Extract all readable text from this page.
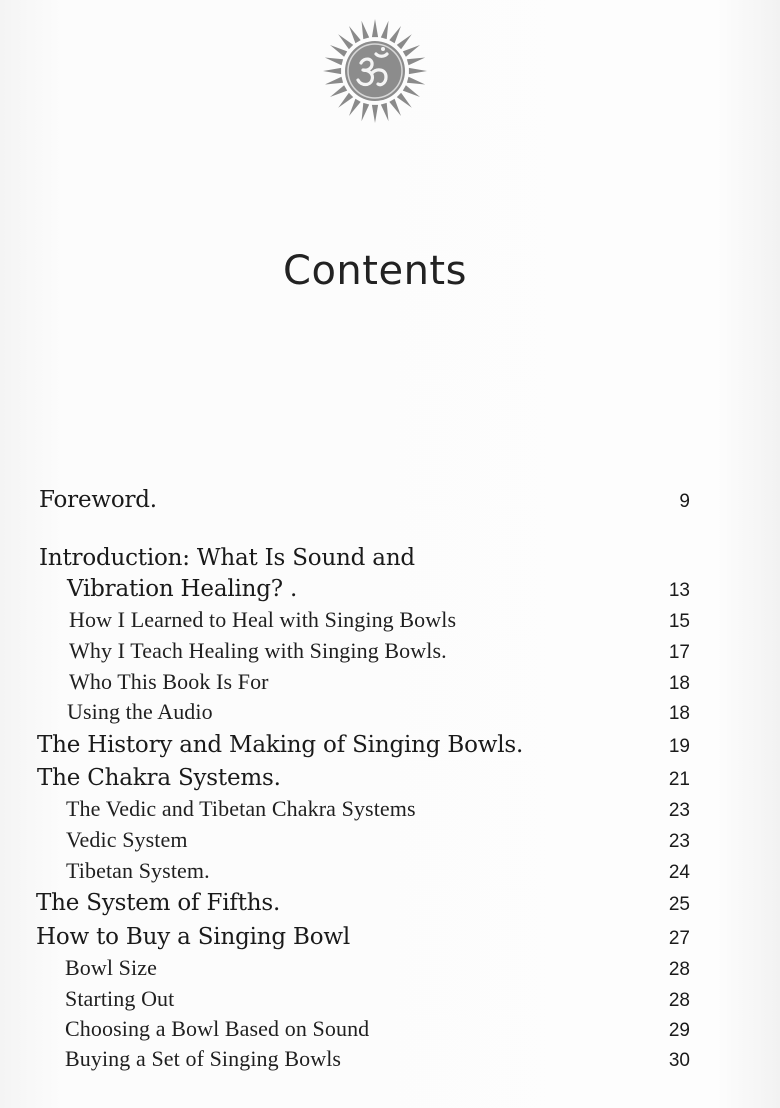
Contents
Foreword.	9
Introduction: What Is Sound and
Vibration Healing? .	13
How I Learned to Heal with Singing Bowls	15
Why I Teach Healing with Singing Bowls.	17
Who This Book Is For	18
Using the Audio	18
The History and Making of Singing Bowls.	19
The Chakra Systems.	21
The Vedic and Tibetan Chakra Systems	23
Vedic System	23
Tibetan System.	24
The System of Fifths.	25
How to Buy a Singing Bowl	27
Bowl Size	28
Starting Out	28
Choosing a Bowl Based on Sound	29
Buying a Set of Singing Bowls	30
